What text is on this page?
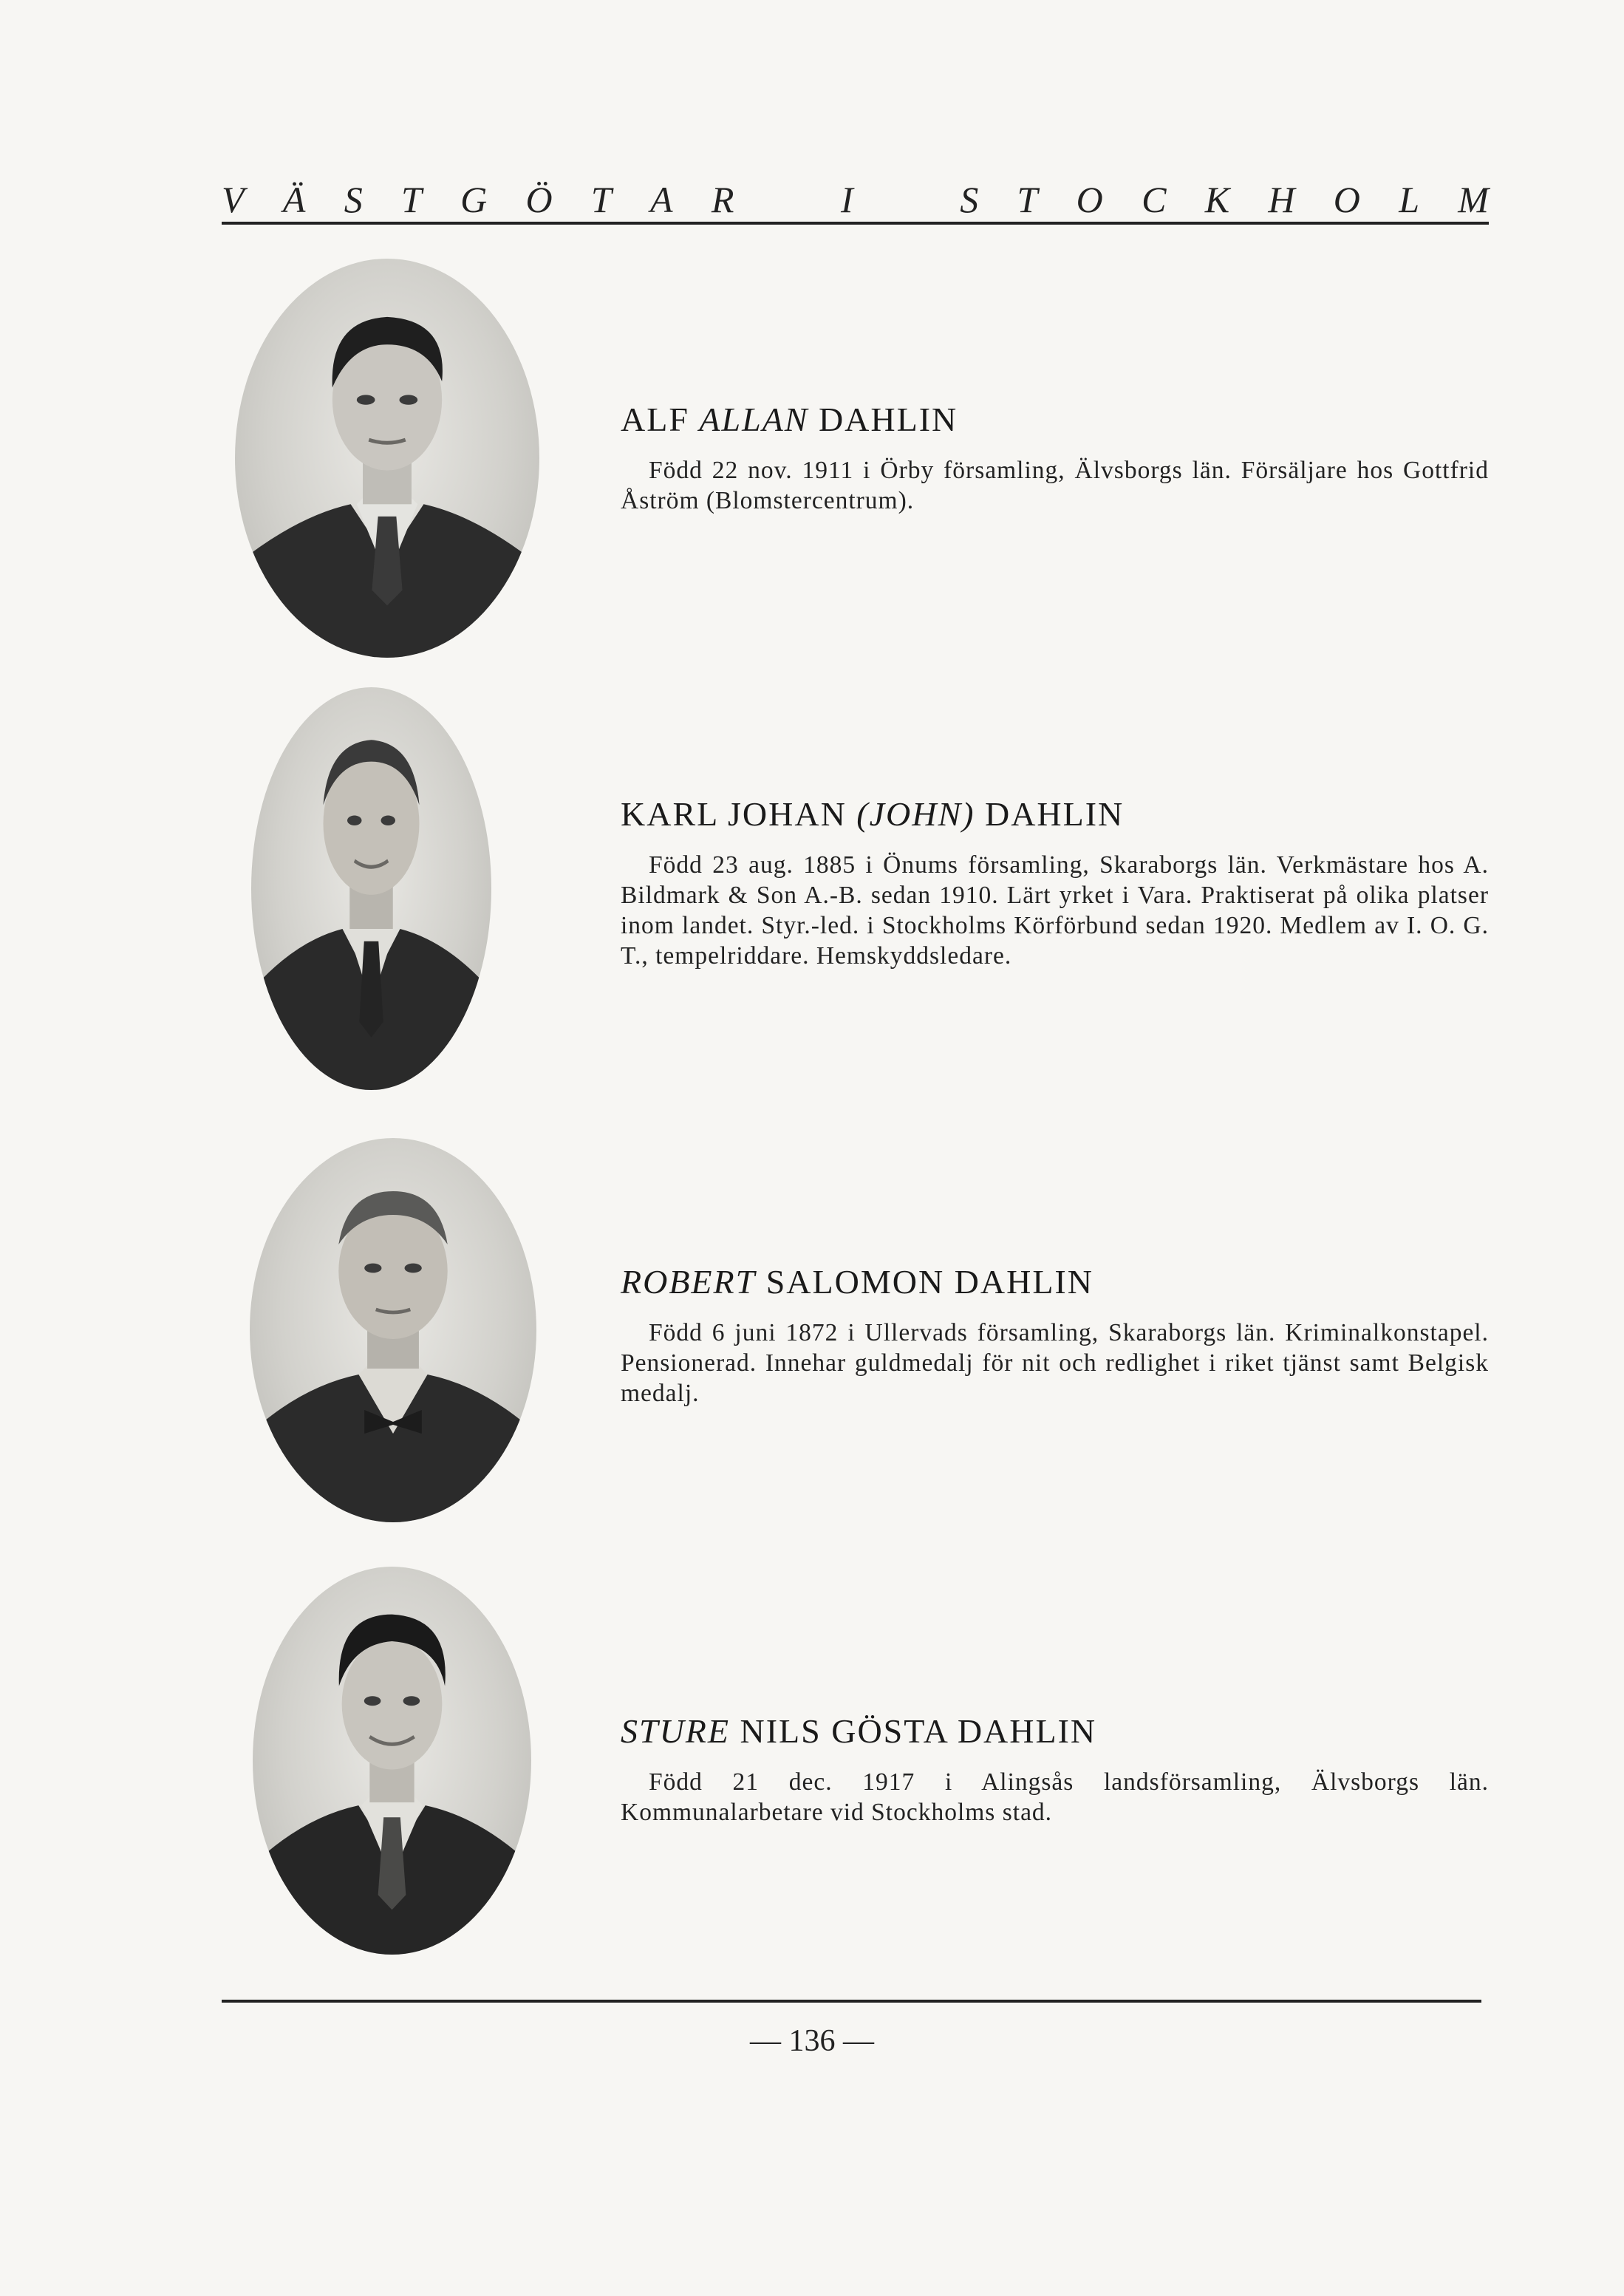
V Ä S T G Ö T A R	I	S T O C K H O L M

ALF ALLAN DAHLIN

Född 22 nov. 1911 i Örby församling, Älvsborgs län. Försäljare hos Gottfrid Åström (Blomstercentrum).

KARL JOHAN (JOHN) DAHLIN

Född 23 aug. 1885 i Önums församling, Skaraborgs län. Verkmästare hos A. Bildmark & Son A.-B. sedan 1910. Lärt yrket i Vara. Praktiserat på olika platser inom landet. Styr.-led. i Stockholms Körförbund sedan 1920. Medlem av I. O. G. T., tempelriddare. Hemskyddsledare.

ROBERT SALOMON DAHLIN

Född 6 juni 1872 i Ullervads församling, Skaraborgs län. Kriminalkonstapel. Pensionerad. Innehar guldmedalj för nit och redlighet i riket tjänst samt Belgisk medalj.

STURE NILS GÖSTA DAHLIN

Född 21 dec. 1917 i Alingsås landsförsamling, Älvsborgs län. Kommunalarbetare vid Stockholms stad.

— 136 —
